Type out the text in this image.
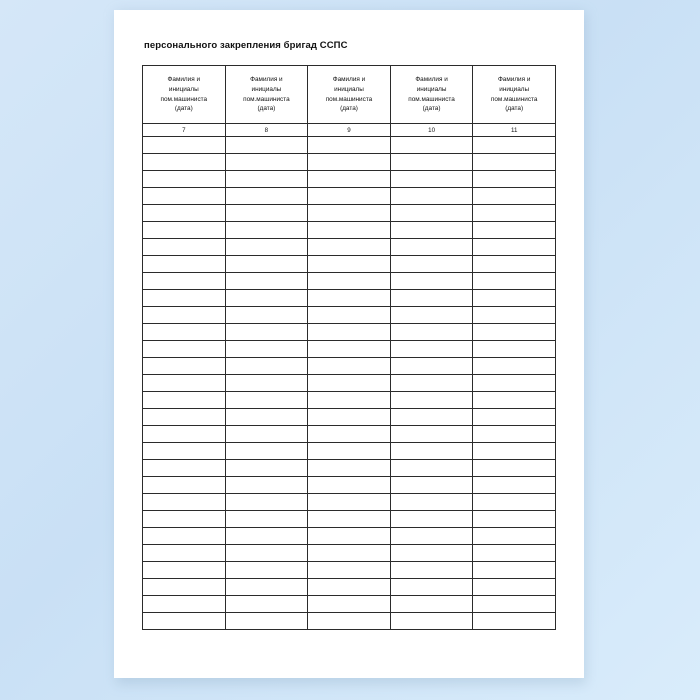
персонального закрепления бригад ССПС
Фамилия и
инициалы
пом.машиниста
(дата)	Фамилия и
инициалы
пом.машиниста
(дата)	Фамилия и
инициалы
пом.машиниста
(дата)	Фамилия и
инициалы
пом.машиниста
(дата)	Фамилия и
инициалы
пом.машиниста
(дата)

7	8	9	10	11
